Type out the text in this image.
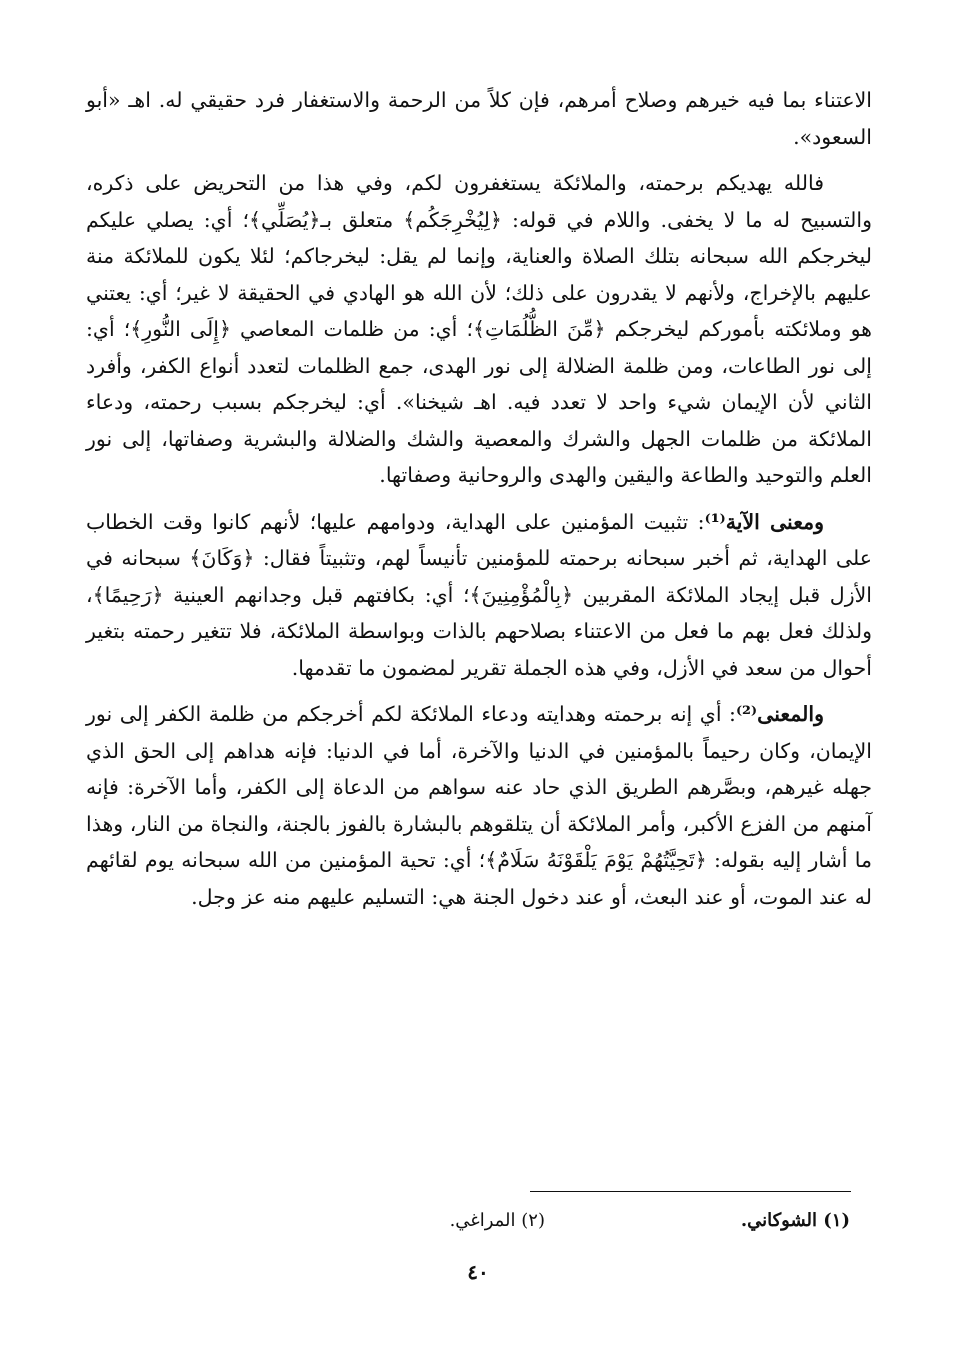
الاعتناء بما فيه خيرهم وصلاح أمرهم، فإن كلاً من الرحمة والاستغفار فرد حقيقي له. اهـ «أبو السعود».

فالله يهديكم برحمته، والملائكة يستغفرون لكم، وفي هذا من التحريض على ذكره، والتسبيح له ما لا يخفى. واللام في قوله: ﴿لِيُخْرِجَكُم﴾ متعلق بـ﴿يُصَلِّي﴾؛ أي: يصلي عليكم ليخرجكم الله سبحانه بتلك الصلاة والعناية، وإنما لم يقل: ليخرجاكم؛ لئلا يكون للملائكة منة عليهم بالإخراج، ولأنهم لا يقدرون على ذلك؛ لأن الله هو الهادي في الحقيقة لا غير؛ أي: يعتني هو وملائكته بأموركم ليخرجكم ﴿مِّنَ الظُّلُمَاتِ﴾؛ أي: من ظلمات المعاصي ﴿إِلَى النُّورِ﴾؛ أي: إلى نور الطاعات، ومن ظلمة الضلالة إلى نور الهدى، جمع الظلمات لتعدد أنواع الكفر، وأفرد الثاني لأن الإيمان شيء واحد لا تعدد فيه. اهـ شيخنا». أي: ليخرجكم بسبب رحمته، ودعاء الملائكة من ظلمات الجهل والشرك والمعصية والشك والضلالة والبشرية وصفاتها، إلى نور العلم والتوحيد والطاعة واليقين والهدى والروحانية وصفاتها.

ومعنى الآية⁽¹⁾: تثبيت المؤمنين على الهداية، ودوامهم عليها؛ لأنهم كانوا وقت الخطاب على الهداية، ثم أخبر سبحانه برحمته للمؤمنين تأنيساً لهم، وتثبيتاً فقال: ﴿وَكَانَ﴾ سبحانه في الأزل قبل إيجاد الملائكة المقربين ﴿بِالْمُؤْمِنِينَ﴾؛ أي: بكافتهم قبل وجدانهم العينية ﴿رَحِيمًا﴾، ولذلك فعل بهم ما فعل من الاعتناء بصلاحهم بالذات وبواسطة الملائكة، فلا تتغير رحمته بتغير أحوال من سعد في الأزل، وفي هذه الجملة تقرير لمضمون ما تقدمها.

والمعنى⁽²⁾: أي إنه برحمته وهدايته ودعاء الملائكة لكم أخرجكم من ظلمة الكفر إلى نور الإيمان، وكان رحيماً بالمؤمنين في الدنيا والآخرة، أما في الدنيا: فإنه هداهم إلى الحق الذي جهله غيرهم، وبصَّرهم الطريق الذي حاد عنه سواهم من الدعاة إلى الكفر، وأما الآخرة: فإنه آمنهم من الفزع الأكبر، وأمر الملائكة أن يتلقوهم بالبشارة بالفوز بالجنة، والنجاة من النار، وهذا ما أشار إليه بقوله: ﴿تَحِيَّتُهُمْ يَوْمَ يَلْقَوْنَهُ سَلَامٌ﴾؛ أي: تحية المؤمنين من الله سبحانه يوم لقائهم له عند الموت، أو عند البعث، أو عند دخول الجنة هي: التسليم عليهم منه عز وجل.

(١) الشوكاني.
(٢) المراغي.
٤٠
